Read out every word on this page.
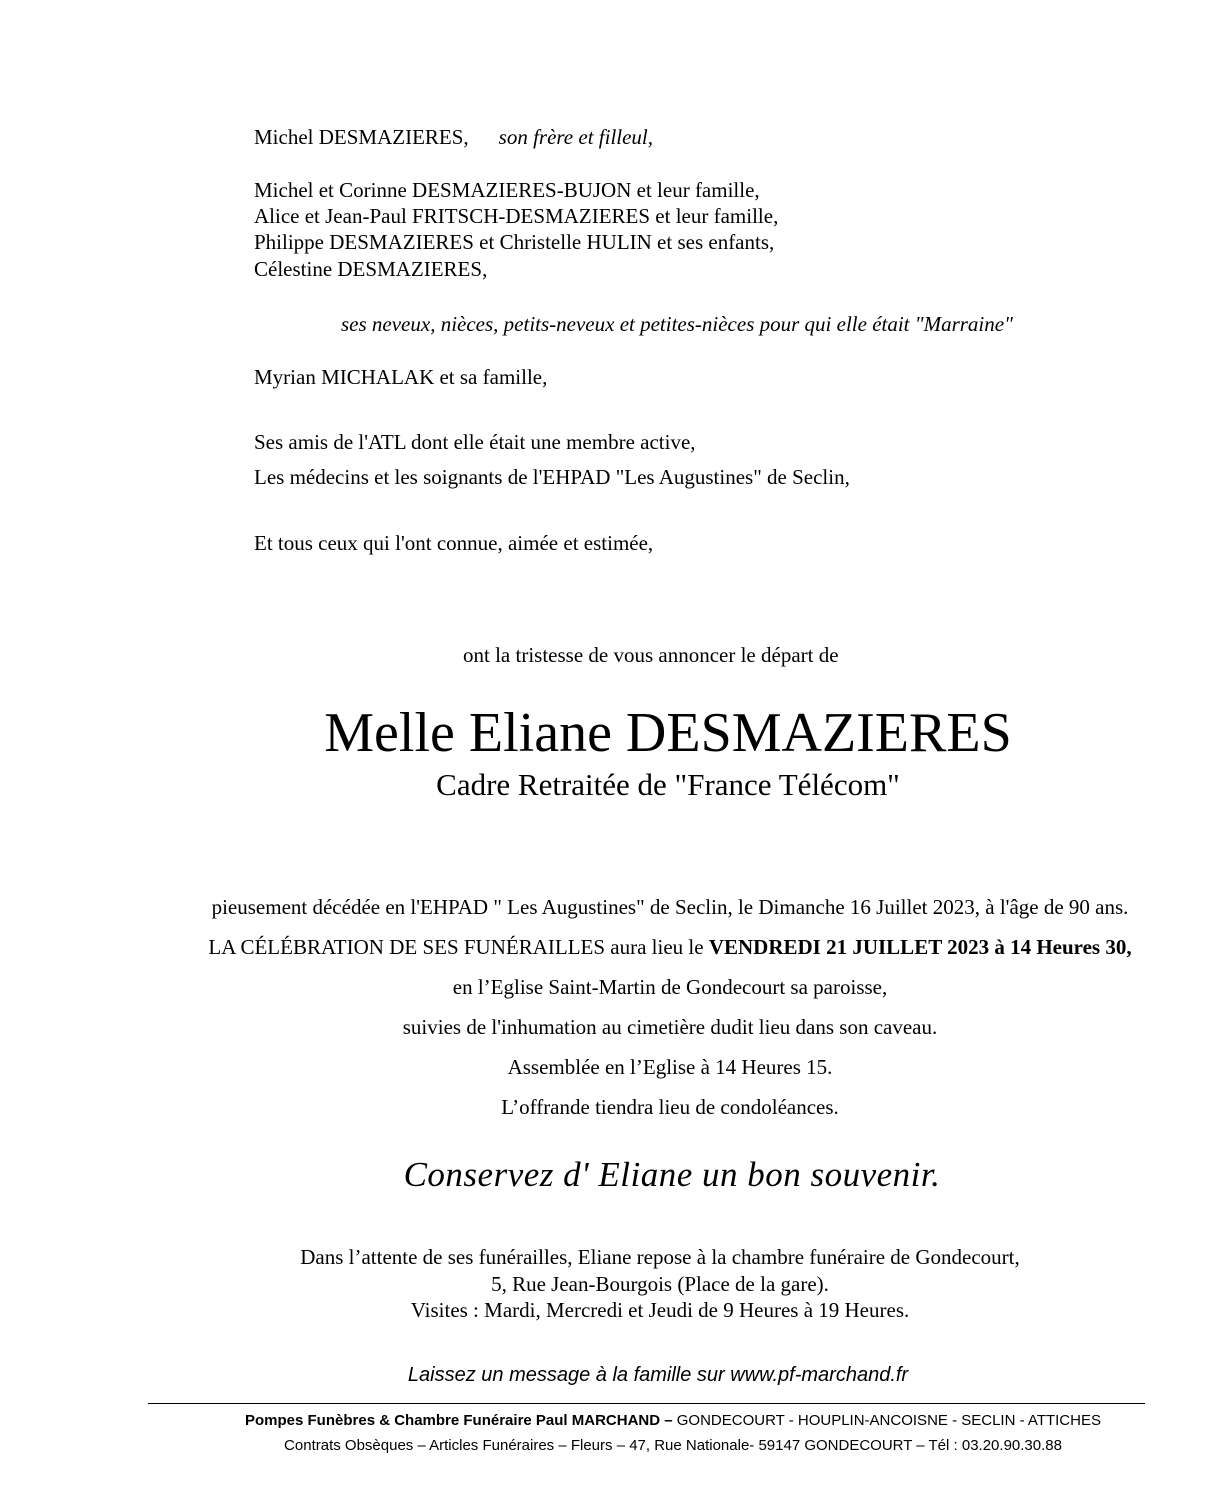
Michel DESMAZIERES, son frère et filleul,
Michel et Corinne DESMAZIERES-BUJON et leur famille,
Alice et Jean-Paul FRITSCH-DESMAZIERES et leur famille,
Philippe DESMAZIERES et Christelle HULIN et ses enfants,
Célestine DESMAZIERES,
ses neveux, nièces, petits-neveux et petites-nièces pour qui elle était "Marraine"
Myrian MICHALAK et sa famille,
Ses amis de l'ATL dont elle était une membre active,
Les médecins et les soignants de l'EHPAD "Les Augustines" de Seclin,
Et tous ceux qui l'ont connue, aimée et estimée,
ont la tristesse de vous annoncer le départ de
Melle Eliane DESMAZIERES
Cadre Retraitée de "France Télécom"
pieusement décédée en l'EHPAD " Les Augustines" de Seclin, le Dimanche 16 Juillet 2023, à l'âge de 90 ans.
LA CÉLÉBRATION DE SES FUNÉRAILLES aura lieu le VENDREDI 21 JUILLET 2023 à 14 Heures 30,
en l’Eglise Saint-Martin de Gondecourt sa paroisse,
suivies de l'inhumation au cimetière dudit lieu dans son caveau.
Assemblée en l’Eglise à 14 Heures 15.
L’offrande tiendra lieu de condoléances.
Conservez d' Eliane un bon souvenir.
Dans l’attente de ses funérailles, Eliane repose à la chambre funéraire de Gondecourt,
5, Rue Jean-Bourgois (Place de la gare).
Visites : Mardi, Mercredi et Jeudi de 9 Heures à 19 Heures.
Laissez un message à la famille sur www.pf-marchand.fr
Pompes Funèbres & Chambre Funéraire Paul MARCHAND – GONDECOURT - HOUPLIN-ANCOISNE - SECLIN - ATTICHES
Contrats Obsèques – Articles Funéraires – Fleurs – 47, Rue Nationale- 59147 GONDECOURT – Tél : 03.20.90.30.88
